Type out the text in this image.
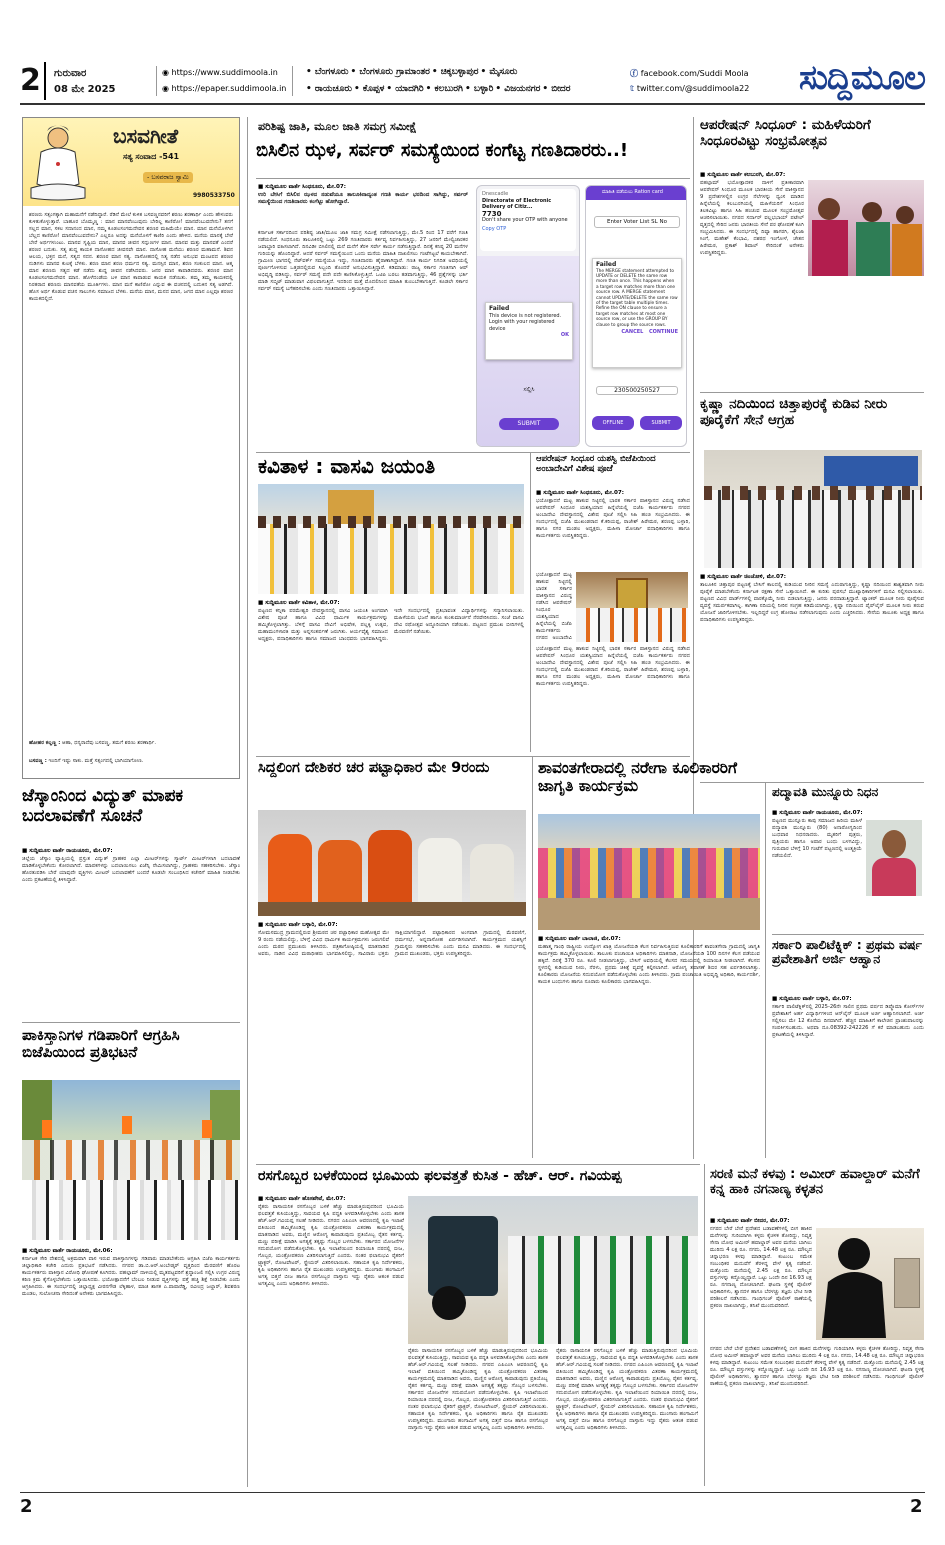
2	ಗುರುವಾರ
08 ಮೇ 2025
◉ https://www.suddimoola.in
◉ https://epaper.suddimoola.in
• ಬೆಂಗಳೂರು • ಬೆಂಗಳೂರು ಗ್ರಾಮಾಂತರ • ಚಿಕ್ಕಬಳ್ಳಾಪುರ • ಮೈಸೂರು
• ರಾಯಚೂರು • ಕೊಪ್ಪಳ • ಯಾದಗಿರಿ • ಕಲಬುರಗಿ • ಬಳ್ಳಾರಿ • ವಿಜಯನಗರ • ಬೀದರ
ⓕ facebook.com/Suddi Moola
𝕥 twitter.com/@suddimoola22	ಸುದ್ದಿಮೂಲ
ಬಸವಗೀತೆ
ಸತ್ಯ ಸಂವಾದ -541
- ಬಸವರಾಜ ಸ್ವಾಮಿ
9980533750
ಶರಣರು ಸತ್ಸಂಗಕ್ಕಾಗಿ ಮಹಾಮನೆಗೆ ನಡೆದಿದ್ದಾರೆ. ರೆಡಿನೆ ಮೇಲೆ ಕುಳಿತ ಬಸವಣ್ಣನವರಿಗೆ ಶರಣು ಶರಣಾರ್ಥಿ ಎಂದು ಹೇಳುವರು ಕುಳಿತುಕೊಳ್ಳುತ್ತಾರೆ. ಬಾಹೂರ ಬೊಮ್ಮಣ್ಣ : ಮಾನ ಮಾನವೆಂಬುವುದು ಬೇರಿಲ್ಲ ಕಾಣಿರೋ! ಮಾನವೆಂಬುವದೇನು? ತನಗೆ ಸಲ್ಲದ ಮಾನ, ಸಕಲ ಸದಾನಂದ ಮಾನ, ನಮ್ಮ ಕೂಡಲಸಂಗಮದೇವನ ಶರಣರ ಮಹಿಮೆಯೇ ಮಾನ. ಮಾನ ಮನೆಯೊಳಗಿನ ಬೆಲ್ಲದ ಕಾಣಿರೋ! ಮಾನವೆಂಬುವದೇನು? ಎಲ್ಲರೂ ಅದನ್ನು ಮನೆಯೊಳಗೆ ಕಾಣಿರಿ ಎಂದು ಹೇಳಿದ. ಮನೆಯ ಮಾನಕ್ಕೆ ಬೇರೆ ಬೇರೆ ಅರ್ಥಗಳುಂಟು. ಮಾನವ ಸೃಷ್ಟಿಯ ಮಾನ, ಮಾನವ ಜೀವನ ಸದ್ಗುಣಗಳ ಮಾನ. ಮಾನವ ಮತ್ತು ಮಾನವತೆ ಎಂದರೆ ಶರಣರ ಬದುಕು. ಸತ್ಯ ಶುದ್ಧ ಕಾಯಕ ದಾಸೋಹದ ಜೀವನವೇ ಮಾನ. ದಾಸೋಹ ಮನೆಯು ಶರಣರ ಮಹಾಮನೆ. ಶಿವನ ಆಲಯ, ಭಕ್ತನ ಮನೆ, ಸತ್ಯದ ಸದನ. ಶರಣರ ಮಾನ ಸತ್ಯ. ದಾಸೋಹದಲ್ಲಿ ನಿತ್ಯ ನಡೆದ ಅನುಭವ ಮಂಟಪದ ಶರಣರ ನುಡಿಗಳು ಮಾನವ ಕುಲಕ್ಕೆ ಬೆಳಕು. ಶರಣ ಮಾನ ಶರಣ ಧರ್ಮದ ಸತ್ವ. ಮನಸ್ಸಿನ ಮಾನ, ಶರಣ ಸಂಕುಲದ ಮಾನ. ಆತ್ಮ ಮಾನ ಶರಣರು ಸತ್ಯದ ಕಡೆ ನಡೆದು ಶುದ್ಧ ಜೀವನ ನಡೆಸಿದವರು. ಜನರ ಮಾನ ಕಾಪಾಡಿದವರು. ಶರಣರ ಮಾನ ಕೂಡಲಸಂಗಮದೇವನ ಮಾನ. ಹೊಳೆದಂಡೆಯ ಬಳಿ ಮಾನ ಕಾಪಾಡುವ ಕಾಯಕ ನಡೆಯಿತು. ತಮ್ಮ ತಮ್ಮ ಕಾಯಕದಲ್ಲಿ ನಿರತರಾದ ಶರಣರು ಮಾನವತೆಯ ಮೂರ್ತಿಗಳು. ಮಾನ ಮನೆ ಕಾಣಿರೋ ಎನ್ನುವ ಈ ವಚನದಲ್ಲಿ ಬದುಕಿನ ಸತ್ಯ ಅಡಗಿದೆ. ಹೊಸ ಅರ್ಥ ಕೊಡುವ ವಚನ ಸಾಲುಗಳು ಸಮಾಜದ ಬೆಳಕು. ಮನೆಯ ಮಾನ, ಮನದ ಮಾನ, ಜಗದ ಮಾನ ಎಲ್ಲವೂ ಶರಣರ ಕಾಯಕದಲ್ಲಿದೆ.
ಹೋಹರ ಕಲ್ಲಣ್ಣ : ಆಹಾ, ಧನ್ಯರಾದೆವು ಬಸವಣ್ಣ, ತಮಗೆ ಶರಣು ಶರಣಾರ್ಥಿ.
ಬಸವಣ್ಣ : ಇಂದಿಗೆ ಇಷ್ಟು ಸಾಕು. ಮತ್ತೆ ಸತ್ಸಂಗದಲ್ಲಿ ಭಾಗಿಯಾಗೋಣ.
ಜೆಸ್ಕಾಂನಿಂದ ವಿದ್ಯುತ್ ಮಾಪಕ ಬದಲಾವಣೆಗೆ ಸೂಚನೆ
■ ಸುದ್ದಿಮೂಲ ವಾರ್ತೆ ರಾಯಚೂರು, ಮೇ.07:
ಜಿಲ್ಲೆಯ ಜೆಸ್ಕಾಂ ವ್ಯಾಪ್ತಿಯಲ್ಲಿ ಪ್ರಸ್ತುತ ವಿದ್ಯುತ್ ಗ್ರಾಹಕರ ಎಲ್ಲಾ ಮೀಟರ್‌ಗಳನ್ನು ಸ್ಮಾರ್ಟ್ ಮೀಟರ್‌ಗಳಾಗಿ ಬದಲಾವಣೆ ಮಾಡಿಕೊಳ್ಳಬೇಕೆಂದು ಕೋರಲಾಗಿದೆ. ಮಾಪಕಗಳನ್ನು ಬದಲಾಯಿಸಲು ಏಜೆನ್ಸಿ ನೇಮಿಸಲಾಗಿದ್ದು, ಗ್ರಾಹಕರು ಸಹಕರಿಸಬೇಕು. ಜೆಸ್ಕಾಂ ಹೊರತುಪಡಿಸಿ ಬೇರೆ ಯಾವುದೇ ವ್ಯಕ್ತಿಗಳು ಮೀಟರ್ ಬದಲಾವಣೆಗೆ ಬಂದರೆ ಕೂಡಲೇ ಸಂಬಂಧಿಸಿದ ಕಚೇರಿಗೆ ಮಾಹಿತಿ ನೀಡಬೇಕು ಎಂದು ಪ್ರಕಟಣೆಯಲ್ಲಿ ತಿಳಿಸಿದ್ದಾರೆ.
ಪಾಕಿಸ್ತಾನಿಗಳ ಗಡಿಪಾರಿಗೆ ಆಗ್ರಹಿಸಿ ಬಿಜೆಪಿಯಿಂದ ಪ್ರತಿಭಟನೆ
■ ಸುದ್ದಿಮೂಲ ವಾರ್ತೆ ರಾಯಚೂರು, ಮೇ.06:
ಕರ್ನಾಟಕ ಸೇರಿ ದೇಶದಲ್ಲಿ ಅಕ್ರಮವಾಗಿ ವಾಸ ಇರುವ ಪಾಕಿಸ್ತಾನಿಗಳನ್ನು ಗಡಿಪಾರು ಮಾಡಬೇಕೆಂದು ಆಗ್ರಹಿಸಿ ಬಿಜೆಪಿ ಕಾರ್ಯಕರ್ತರು ಜಿಲ್ಲಾಧಿಕಾರಿ ಕಚೇರಿ ಎದುರು ಪ್ರತಿಭಟನೆ ನಡೆಸಿದರು. ನಗರದ ಡಾ.ಬಿ.ಆರ್.ಅಂಬೇಡ್ಕರ್ ವೃತ್ತದಿಂದ ಮೆರವಣಿಗೆ ಹೊರಟ ಕಾರ್ಯಕರ್ತರು ಪಾಕಿಸ್ತಾನ ವಿರೋಧಿ ಘೋಷಣೆ ಕೂಗಿದರು. ಪಹಲ್ಗಾಮ್ ದಾಳಿಯಲ್ಲಿ ಮೃತಪಟ್ಟವರಿಗೆ ಶ್ರದ್ಧಾಂಜಲಿ ಸಲ್ಲಿಸಿ ಉಗ್ರರ ವಿರುದ್ಧ ಕಠಿಣ ಕ್ರಮ ಕೈಗೊಳ್ಳಬೇಕೆಂದು ಒತ್ತಾಯಿಸಿದರು. ಭಯೋತ್ಪಾದನೆಗೆ ಬೆಂಬಲ ನೀಡುವ ವ್ಯಕ್ತಿಗಳನ್ನು ಪತ್ತೆ ಹಚ್ಚಿ ಶಿಕ್ಷೆ ನೀಡಬೇಕು ಎಂದು ಆಗ್ರಹಿಸಿದರು. ಈ ಸಂದರ್ಭದಲ್ಲಿ ಜಿಲ್ಲಾಧ್ಯಕ್ಷ ವೀರನಗೌಡ ಲೆಕ್ಕಿಹಾಳ, ಮಾಜಿ ಶಾಸಕ ಎ.ಪಾಪಾರೆಡ್ಡಿ, ರವೀಂದ್ರ ಜಲ್ದಾರ್, ಶಿವಶರಣ ಮಂಡಲ, ಸುಲೋಚನಾ ಸೇರಿದಂತೆ ಅನೇಕರು ಭಾಗವಹಿಸಿದ್ದರು.
ಪರಿಶಿಷ್ಟ ಜಾತಿ, ಮೂಲ ಜಾತಿ ಸಮಗ್ರ ಸಮೀಕ್ಷೆ
ಬಿಸಿಲಿನ ಝಳ, ಸರ್ವರ್ ಸಮಸ್ಯೆಯಿಂದ ಕಂಗೆಟ್ಟ ಗಣತಿದಾರರು..!
■ ಸುದ್ದಿಮೂಲ ವಾರ್ತೆ ಸಿಂಧನೂರು, ಮೇ.07:
ಉರಿ ಬೇಸಿಗೆ ಬಿಸಿಲಿನ ಝಳದ ನಡುವೆಯೂ ತಾಲೂಕಿನಾದ್ಯಂತ ಗಣತಿ ಕಾರ್ಯ ಭರದಿಂದ ಸಾಗಿದ್ದು, ಸರ್ವರ್ ಸಮಸ್ಯೆಯಿಂದ ಗಣತಿದಾರರು ಕಂಗೆಟ್ಟು ಹೋಗಿದ್ದಾರೆ.
ಕರ್ನಾಟಕ ಸರ್ಕಾರದಿಂದ ಪರಿಶಿಷ್ಟ ಜಾತಿ/ಮೂಲ ಜಾತಿ ಸಮಗ್ರ ಸಮೀಕ್ಷೆ ನಡೆಸಲಾಗುತ್ತಿದ್ದು, ಮೇ.5 ರಿಂದ 17 ವರೆಗೆ ಗಣತಿ ನಡೆಯಲಿದೆ. ಸಿಂಧನೂರು ತಾಲೂಕಿನಲ್ಲಿ ಒಟ್ಟು 269 ಗಣತಿದಾರರು ಕರ್ತವ್ಯ ನಿರ್ವಹಿಸುತ್ತಿದ್ದು, 27 ಜನರಿಗೆ ಮೇಲ್ವಿಚಾರಕರ ಜವಾಬ್ದಾರಿ ವಹಿಸಲಾಗಿದೆ. ದಿನವಿಡೀ ಬಿಸಿಲಿನಲ್ಲಿ ಮನೆ ಮನೆಗೆ ತೆರಳಿ ಸರ್ವೇ ಕಾರ್ಯ ನಡೆಸುತ್ತಿದ್ದಾರೆ. ದಿನಕ್ಕೆ ಕನಿಷ್ಠ 20 ಮನೆಗಳ ಗುರಿಯನ್ನು ಹೊಂದಿದ್ದಾರೆ. ಆದರೆ ಸರ್ವರ್ ಸಮಸ್ಯೆಯಿಂದ ಒಂದು ಮನೆಯ ಮಾಹಿತಿ ದಾಖಲಿಸಲು ಗಂಟೆಗಟ್ಟಲೆ ಕಾಯಬೇಕಾಗಿದೆ. ಗ್ರಾಮೀಣ ಭಾಗದಲ್ಲಿ ನೆಟ್‌ವರ್ಕ್ ಸಮಸ್ಯೆಯೂ ಇದ್ದು, ಗಣತಿದಾರರು ಹೈರಾಣಾಗಿದ್ದಾರೆ. ಗಣತಿ ಕಾರ್ಯ ನಿಗದಿತ ಅವಧಿಯಲ್ಲಿ ಪೂರ್ಣಗೊಳಿಸುವ ಒತ್ತಡದಲ್ಲಿರುವ ಸಿಬ್ಬಂದಿ ತೊಂದರೆ ಅನುಭವಿಸುತ್ತಿದ್ದಾರೆ. ಕಡಿಮಾಡು: ರಾಜ್ಯ ಸರ್ಕಾರ ಗಣತಿಗಾಗಿ ಆಪ್ ಅಭಿವೃದ್ಧಿ ಪಡಿಸಿದ್ದು, ಸರ್ವರ್ ಸಮಸ್ಯೆ ಪದೇ ಪದೇ ಕಾಣಿಸಿಕೊಳ್ಳುತ್ತಿದೆ. ಒಟಿಪಿ ಬರಲು ತಡವಾಗುತ್ತಿದ್ದು, 46 ಪ್ರಶ್ನೆಗಳನ್ನು ಭರ್ತಿ ಮಾಡಿ ಸಬ್ಮಿಟ್ ಮಾಡುವಾಗ ವಿಫಲವಾಗುತ್ತಿದೆ. ಇದರಿಂದ ಮತ್ತೆ ಮೊದಲಿನಿಂದ ಮಾಹಿತಿ ತುಂಬಬೇಕಾಗುತ್ತಿದೆ. ಕೂಡಲೇ ಸರ್ಕಾರ ಸರ್ವರ್ ಸಮಸ್ಯೆ ಬಗೆಹರಿಸಬೇಕು ಎಂದು ಗಣತಿದಾರರು ಒತ್ತಾಯಿಸಿದ್ದಾರೆ.
Dnescadle
Directorate of Electronic Delivery of Citiz...
7730
Don't share your OTP with anyone
Copy OTP
Failed
This device is not registered. Login with your registered device
OK
ಸಲ್ಲಿಸಿ
SUBMIT
ಮಾಹಿತಿ ಪಡೆಯಲು Ration card
Enter Voter List SL No
Failed
The MERGE statement attempted to UPDATE or DELETE the same row more than once. This happens when a target row matches more than one source row. A MERGE statement cannot UPDATE/DELETE the same row of the target table multiple times. Refine the ON clause to ensure a target row matches at most one source row, or use the GROUP BY clause to group the source rows.
CANCEL CONTINUE
230500250527
OFFLINE	SUBMIT
ಆಪರೇಷನ್ ಸಿಂಧೂರ್ : ಮಹಿಳೆಯರಿಗೆ ಸಿಂಧೂರವಿಟ್ಟು ಸಂಭ್ರಮೋತ್ಸವ
■ ಸುದ್ದಿಮೂಲ ವಾರ್ತೆ ಕಲಬುರಗಿ, ಮೇ.07:
ಪಹಲ್ಗಾಮ್ ಭಯೋತ್ಪಾದಕರ ದಾಳಿಗೆ ಪ್ರತೀಕಾರವಾಗಿ ಆಪರೇಷನ್ ಸಿಂಧೂರ ಮೂಲಕ ಭಾರತೀಯ ಸೇನೆ ಪಾಕಿಸ್ತಾನದ 9 ಪ್ರದೇಶಗಳಲ್ಲಿನ ಉಗ್ರರ ನೆಲೆಗಳನ್ನು ಧ್ವಂಸ ಮಾಡಿದ ಹಿನ್ನೆಲೆಯಲ್ಲಿ ಕಲಬುರಗಿಯಲ್ಲಿ ಮಹಿಳೆಯರಿಗೆ ಸಿಂಧೂರ ತಿಲಕವಿಟ್ಟು ಹಾಗೂ ಸಿಹಿ ಹಂಚುವ ಮೂಲಕ ಸಂಭ್ರಮೋತ್ಸವ ಆಚರಿಸಲಾಯಿತು. ನಗರದ ಸರ್ದಾರ್ ವಲ್ಲಭಭಾಯ್ ಪಟೇಲ್ ವೃತ್ತದಲ್ಲಿ ಸೇರಿದ ಜನರು ಭಾರತೀಯ ಸೇನೆ ಪರ ಘೋಷಣೆ ಕೂಗಿ ಸಂಭ್ರಮಿಸಿದರು. ಈ ಸಂದರ್ಭದಲ್ಲಿ ದಿವ್ಯಾ ಹಾಗರಗಿ, ಶೈಲಜಾ ಸಿಂಗೆ, ಮಹೇಶ್ ಕೆಂಭಾವಿ, ದಶರಥ ಇಂಗೋಳೆ, ಚೇತನ ಹಿರೇಮಠ, ಪ್ರಕಾಶ್ ಶಿವಾಲ್ ಸೇರಿದಂತೆ ಅನೇಕರು ಉಪಸ್ಥಿತರಿದ್ದರು.
ಕೃಷ್ಣಾ ನದಿಯಿಂದ ಚಿತ್ತಾಪುರಕ್ಕೆ ಕುಡಿವ ನೀರು ಪೂರೈಕೆಗೆ ಸೇನೆ ಆಗ್ರಹ
■ ಸುದ್ದಿಮೂಲ ವಾರ್ತೆ ಚಿಂಚೋಳಿ, ಮೇ.07:
ತಾಲೂಕಿನ ಚಿತ್ತಾಪುರ ಪಟ್ಟಣಕ್ಕೆ ಬೇಸಿಗೆ ಕಾಲದಲ್ಲಿ ಕುಡಿಯುವ ನೀರಿನ ಸಮಸ್ಯೆ ಎದುರಾಗುತ್ತಿದ್ದು, ಕೃಷ್ಣಾ ನದಿಯಿಂದ ಶಾಶ್ವತವಾಗಿ ನೀರು ಪೂರೈಕೆ ಮಾಡಬೇಕೆಂದು ಕರ್ನಾಟಕ ರಕ್ಷಣಾ ಸೇನೆ ಒತ್ತಾಯಿಸಿದೆ. ಈ ಕುರಿತು ಪುರಸಭೆ ಮುಖ್ಯಾಧಿಕಾರಿಗಳಿಗೆ ಮನವಿ ಸಲ್ಲಿಸಲಾಯಿತು. ಪಟ್ಟಣದ ವಿವಿಧ ವಾರ್ಡ್‌ಗಳಲ್ಲಿ ವಾರಕ್ಕೊಮ್ಮೆ ನೀರು ಬಿಡಲಾಗುತ್ತಿದ್ದು, ಜನರು ಪರದಾಡುತ್ತಿದ್ದಾರೆ. ಟ್ಯಾಂಕರ್ ಮೂಲಕ ನೀರು ಪೂರೈಸುವ ವ್ಯವಸ್ಥೆ ಸಮರ್ಪಕವಾಗಿಲ್ಲ. ಕಾಗಿಣಾ ನದಿಯಲ್ಲಿ ನೀರಿನ ಸಂಗ್ರಹ ಕಡಿಮೆಯಾಗಿದ್ದು, ಕೃಷ್ಣಾ ನದಿಯಿಂದ ಪೈಪ್‌ಲೈನ್ ಮೂಲಕ ನೀರು ತರುವ ಯೋಜನೆ ಜಾರಿಗೊಳಿಸಬೇಕು. ಇಲ್ಲದಿದ್ದರೆ ಉಗ್ರ ಹೋರಾಟ ನಡೆಸಲಾಗುವುದು ಎಂದು ಎಚ್ಚರಿಸಿದರು. ಸೇನೆಯ ತಾಲೂಕು ಅಧ್ಯಕ್ಷ ಹಾಗೂ ಪದಾಧಿಕಾರಿಗಳು ಉಪಸ್ಥಿತರಿದ್ದರು.
ಕವಿತಾಳ : ವಾಸವಿ ಜಯಂತಿ
■ ಸುದ್ದಿಮೂಲ ವಾರ್ತೆ ಕವಿತಾಳ, ಮೇ.07:
ಪಟ್ಟಣದ ಕನ್ನಿಕಾ ಪರಮೇಶ್ವರಿ ದೇವಸ್ಥಾನದಲ್ಲಿ ವಾಸವಿ ಜಯಂತಿ ಅಂಗವಾಗಿ ವಿಶೇಷ ಪೂಜೆ ಹಾಗೂ ವಿವಿಧ ಧಾರ್ಮಿಕ ಕಾರ್ಯಕ್ರಮಗಳನ್ನು ಹಮ್ಮಿಕೊಳ್ಳಲಾಗಿತ್ತು. ಬೆಳಿಗ್ಗೆ ವಾಸವಿ ದೇವಿಗೆ ಅಭಿಷೇಕ, ಪಲ್ಲಕ್ಕಿ ಉತ್ಸವ, ಮಹಾಮಂಗಳಾರತಿ ಮತ್ತು ಅನ್ನಸಂತರ್ಪಣೆ ಜರುಗಿತು. ಆರ್ಯವೈಶ್ಯ ಸಮಾಜದ ಅಧ್ಯಕ್ಷರು, ಪದಾಧಿಕಾರಿಗಳು ಹಾಗೂ ಸಮಾಜದ ಬಾಂಧವರು ಭಾಗವಹಿಸಿದ್ದರು. ಇದೇ ಸಂದರ್ಭದಲ್ಲಿ ಪ್ರತಿಭಾವಂತ ವಿದ್ಯಾರ್ಥಿಗಳನ್ನು ಸನ್ಮಾನಿಸಲಾಯಿತು. ಮಹಿಳೆಯರು ಭಜನೆ ಹಾಗೂ ಕುಂಕುಮಾರ್ಚನೆ ನೆರವೇರಿಸಿದರು. ಸಂಜೆ ವಾಸವಿ ದೇವಿ ರಥೋತ್ಸವ ಅದ್ದೂರಿಯಾಗಿ ನಡೆಯಿತು. ಪಟ್ಟಣದ ಪ್ರಮುಖ ಬೀದಿಗಳಲ್ಲಿ ಮೆರವಣಿಗೆ ನಡೆಯಿತು.
ಆಪರೇಷನ್ ಸಿಂಧೂರ ಯಶಸ್ವಿ ಬಿಜೆಪಿಯಿಂದ ಅಂಬಾದೇವಿಗೆ ವಿಶೇಷ ಪೂಜೆ
■ ಸುದ್ದಿಮೂಲ ವಾರ್ತೆ ಸಿಂಧನೂರು, ಮೇ.07:
ಭಯೋತ್ಪಾದನೆ ಮಟ್ಟ ಹಾಕುವ ನಿಟ್ಟಿನಲ್ಲಿ ಭಾರತ ಸರ್ಕಾರ ಪಾಕಿಸ್ತಾನದ ವಿರುದ್ಧ ನಡೆಸಿದ ಆಪರೇಷನ್ ಸಿಂಧೂರ ಯಶಸ್ವಿಯಾದ ಹಿನ್ನೆಲೆಯಲ್ಲಿ ಬಿಜೆಪಿ ಕಾರ್ಯಕರ್ತರು ನಗರದ ಅಂಬಾದೇವಿ ದೇವಸ್ಥಾನದಲ್ಲಿ ವಿಶೇಷ ಪೂಜೆ ಸಲ್ಲಿಸಿ ಸಿಹಿ ಹಂಚಿ ಸಂಭ್ರಮಿಸಿದರು. ಈ ಸಂದರ್ಭದಲ್ಲಿ ಬಿಜೆಪಿ ಮುಖಂಡರಾದ ಕೆ.ಕರಿಯಪ್ಪ, ರಾಜೇಶ್ ಹಿರೇಮಠ, ಶರಣಪ್ಪ ಬಳ್ಳಾರಿ, ಹಾಗೂ ನಗರ ಮಂಡಲ ಅಧ್ಯಕ್ಷರು, ಮಹಿಳಾ ಮೋರ್ಚಾ ಪದಾಧಿಕಾರಿಗಳು ಹಾಗೂ ಕಾರ್ಯಕರ್ತರು ಉಪಸ್ಥಿತರಿದ್ದರು.
ಭಯೋತ್ಪಾದನೆ ಮಟ್ಟ ಹಾಕುವ ನಿಟ್ಟಿನಲ್ಲಿ ಭಾರತ ಸರ್ಕಾರ ಪಾಕಿಸ್ತಾನದ ವಿರುದ್ಧ ನಡೆಸಿದ ಆಪರೇಷನ್ ಸಿಂಧೂರ ಯಶಸ್ವಿಯಾದ ಹಿನ್ನೆಲೆಯಲ್ಲಿ ಬಿಜೆಪಿ ಕಾರ್ಯಕರ್ತರು ನಗರದ ಅಂಬಾದೇವಿ
ಭಯೋತ್ಪಾದನೆ ಮಟ್ಟ ಹಾಕುವ ನಿಟ್ಟಿನಲ್ಲಿ ಭಾರತ ಸರ್ಕಾರ ಪಾಕಿಸ್ತಾನದ ವಿರುದ್ಧ ನಡೆಸಿದ ಆಪರೇಷನ್ ಸಿಂಧೂರ ಯಶಸ್ವಿಯಾದ ಹಿನ್ನೆಲೆಯಲ್ಲಿ ಬಿಜೆಪಿ ಕಾರ್ಯಕರ್ತರು ನಗರದ ಅಂಬಾದೇವಿ ದೇವಸ್ಥಾನದಲ್ಲಿ ವಿಶೇಷ ಪೂಜೆ ಸಲ್ಲಿಸಿ ಸಿಹಿ ಹಂಚಿ ಸಂಭ್ರಮಿಸಿದರು. ಈ ಸಂದರ್ಭದಲ್ಲಿ ಬಿಜೆಪಿ ಮುಖಂಡರಾದ ಕೆ.ಕರಿಯಪ್ಪ, ರಾಜೇಶ್ ಹಿರೇಮಠ, ಶರಣಪ್ಪ ಬಳ್ಳಾರಿ, ಹಾಗೂ ನಗರ ಮಂಡಲ ಅಧ್ಯಕ್ಷರು, ಮಹಿಳಾ ಮೋರ್ಚಾ ಪದಾಧಿಕಾರಿಗಳು ಹಾಗೂ ಕಾರ್ಯಕರ್ತರು ಉಪಸ್ಥಿತರಿದ್ದರು.
ಸಿದ್ದಲಿಂಗ ದೇಶಿಕರ ಚರ ಪಟ್ಟಾಧಿಕಾರ ಮೇ 9ರಂದು
■ ಸುದ್ದಿಮೂಲ ವಾರ್ತೆ ಬಳ್ಳಾರಿ, ಮೇ.07:
ಸೋಮಸಮುದ್ರ ಗ್ರಾಮದಲ್ಲಿರುವ ಶ್ರೀಮಠದ ಚರ ಪಟ್ಟಾಧಿಕಾರ ಮಹೋತ್ಸವ ಮೇ 9 ರಂದು ನಡೆಯಲಿದ್ದು, ಬೆಳಿಗ್ಗೆ ವಿವಿಧ ಧಾರ್ಮಿಕ ಕಾರ್ಯಕ್ರಮಗಳು ಜರುಗಲಿವೆ ಎಂದು ಮಠದ ಪ್ರಮುಖರು ತಿಳಿಸಿದರು. ಪತ್ರಿಕಾಗೋಷ್ಠಿಯಲ್ಲಿ ಮಾತನಾಡಿದ ಅವರು, ನಾಡಿನ ವಿವಿಧ ಮಠಾಧೀಶರು ಭಾಗವಹಿಸಲಿದ್ದು, ಸಾವಿರಾರು ಭಕ್ತರು ಸಾಕ್ಷಿಯಾಗಲಿದ್ದಾರೆ. ಪಟ್ಟಾಧಿಕಾರದ ಅಂಗವಾಗಿ ಗ್ರಾಮದಲ್ಲಿ ಮೆರವಣಿಗೆ, ಧರ್ಮಸಭೆ, ಅನ್ನದಾಸೋಹ ಏರ್ಪಡಿಸಲಾಗಿದೆ. ಕಾರ್ಯಕ್ರಮದ ಯಶಸ್ಸಿಗೆ ಗ್ರಾಮಸ್ಥರು ಸಹಕರಿಸಬೇಕು ಎಂದು ಮನವಿ ಮಾಡಿದರು. ಈ ಸಂದರ್ಭದಲ್ಲಿ ಗ್ರಾಮದ ಮುಖಂಡರು, ಭಕ್ತರು ಉಪಸ್ಥಿತರಿದ್ದರು.
ಶಾವಂತಗೇರಾದಲ್ಲಿ ನರೇಗಾ ಕೂಲಿಕಾರರಿಗೆ ಜಾಗೃತಿ ಕಾರ್ಯಕ್ರಮ
■ ಸುದ್ದಿಮೂಲ ವಾರ್ತೆ ಬಾಲಾಜಿ, ಮೇ.07:
ಮಹಾತ್ಮ ಗಾಂಧಿ ರಾಷ್ಟ್ರೀಯ ಉದ್ಯೋಗ ಖಾತ್ರಿ ಯೋಜನೆಯಡಿ ಕೆಲಸ ನಿರ್ವಹಿಸುತ್ತಿರುವ ಕೂಲಿಕಾರರಿಗೆ ಶಾವಂತಗೇರಾ ಗ್ರಾಮದಲ್ಲಿ ಜಾಗೃತಿ ಕಾರ್ಯಕ್ರಮ ಹಮ್ಮಿಕೊಳ್ಳಲಾಯಿತು. ತಾಲೂಕು ಪಂಚಾಯಿತಿ ಅಧಿಕಾರಿಗಳು ಮಾತನಾಡಿ, ಯೋಜನೆಯಡಿ 100 ದಿನಗಳ ಕೆಲಸ ಪಡೆಯುವ ಹಕ್ಕಿದೆ. ದಿನಕ್ಕೆ 370 ರೂ. ಕೂಲಿ ನೀಡಲಾಗುತ್ತಿದ್ದು, ಬೇಸಿಗೆ ಅವಧಿಯಲ್ಲಿ ಕೆಲಸದ ಸಮಯದಲ್ಲಿ ರಿಯಾಯಿತಿ ನೀಡಲಾಗಿದೆ. ಕೆಲಸದ ಸ್ಥಳದಲ್ಲಿ ಕುಡಿಯುವ ನೀರು, ನೆರಳು, ಪ್ರಥಮ ಚಿಕಿತ್ಸೆ ವ್ಯವಸ್ಥೆ ಕಲ್ಪಿಸಲಾಗಿದೆ. ಆರೋಗ್ಯ ತಪಾಸಣೆ ಶಿಬಿರ ಸಹ ಏರ್ಪಡಿಸಲಾಗಿತ್ತು. ಕೂಲಿಕಾರರು ಯೋಜನೆಯ ಸದುಪಯೋಗ ಪಡೆದುಕೊಳ್ಳಬೇಕು ಎಂದು ತಿಳಿಸಿದರು. ಗ್ರಾಮ ಪಂಚಾಯಿತಿ ಅಭಿವೃದ್ಧಿ ಅಧಿಕಾರಿ, ಕಾರ್ಯದರ್ಶಿ, ಕಾಯಕ ಬಂಧುಗಳು ಹಾಗೂ ನೂರಾರು ಕೂಲಿಕಾರರು ಭಾಗವಹಿಸಿದ್ದರು.
ಪದ್ಮಾವತಿ ಮುನ್ನೂರು ನಿಧನ
■ ಸುದ್ದಿಮೂಲ ವಾರ್ತೆ ರಾಯಚೂರು, ಮೇ.07:
ಪಟ್ಟಣದ ಮುನ್ನೂರು ಕಾಪು ಸಮಾಜದ ಹಿರಿಯ ಮಹಿಳೆ ಪದ್ಮಾವತಿ ಮುನ್ನೂರು (80) ಅನಾರೋಗ್ಯದಿಂದ ಬುಧವಾರ ನಿಧನರಾದರು. ಮೃತರಿಗೆ ಪುತ್ರರು, ಪುತ್ರಿಯರು ಹಾಗೂ ಅಪಾರ ಬಂಧು ಬಳಗವಿದ್ದು, ಗುರುವಾರ ಬೆಳಿಗ್ಗೆ 10 ಗಂಟೆಗೆ ಪಟ್ಟಣದಲ್ಲಿ ಅಂತ್ಯಕ್ರಿಯೆ ನಡೆಯಲಿದೆ.
ಸರ್ಕಾರಿ ಪಾಲಿಟೆಕ್ನಿಕ್ : ಪ್ರಥಮ ವರ್ಷ ಪ್ರವೇಶಾತಿಗೆ ಅರ್ಜಿ ಆಹ್ವಾನ
■ ಸುದ್ದಿಮೂಲ ವಾರ್ತೆ ಬಳ್ಳಾರಿ, ಮೇ.07:
ಸರ್ಕಾರಿ ಪಾಲಿಟೆಕ್ನಿಕ್‌ನಲ್ಲಿ 2025-26ನೇ ಸಾಲಿನ ಪ್ರಥಮ ವರ್ಷದ ಡಿಪ್ಲೊಮಾ ಕೋರ್ಸ್‌ಗಳ ಪ್ರವೇಶಾತಿಗೆ ಅರ್ಹ ವಿದ್ಯಾರ್ಥಿಗಳಿಂದ ಆನ್‌ಲೈನ್ ಮೂಲಕ ಅರ್ಜಿ ಆಹ್ವಾನಿಸಲಾಗಿದೆ. ಅರ್ಜಿ ಸಲ್ಲಿಸಲು ಮೇ 12 ಕೊನೆಯ ದಿನವಾಗಿದೆ. ಹೆಚ್ಚಿನ ಮಾಹಿತಿಗೆ ಕಾಲೇಜಿನ ಪ್ರಾಂಶುಪಾಲರನ್ನು ಸಂಪರ್ಕಿಸಬಹುದು. ಅಥವಾ ದೂ.08392-242226 ಗೆ ಕರೆ ಮಾಡಬಹುದು ಎಂದು ಪ್ರಕಟಣೆಯಲ್ಲಿ ತಿಳಿಸಿದ್ದಾರೆ.
ರಸಗೊಬ್ಬರ ಬಳಕೆಯಿಂದ ಭೂಮಿಯ ಫಲವತ್ತತೆ ಕುಸಿತ - ಹೆಚ್. ಆರ್. ಗವಿಯಪ್ಪ
■ ಸುದ್ದಿಮೂಲ ವಾರ್ತೆ ಹೊಸಪೇಟೆ, ಮೇ.07:
ರೈತರು ರಾಸಾಯನಿಕ ರಸಗೊಬ್ಬರ ಬಳಕೆ ಹೆಚ್ಚು ಮಾಡುತ್ತಿರುವುದರಿಂದ ಭೂಮಿಯ ಫಲವತ್ತತೆ ಕುಸಿಯುತ್ತಿದ್ದು, ಸಾವಯವ ಕೃಷಿ ಪದ್ಧತಿ ಅಳವಡಿಸಿಕೊಳ್ಳಬೇಕು ಎಂದು ಶಾಸಕ ಹೆಚ್.ಆರ್.ಗವಿಯಪ್ಪ ಸಲಹೆ ನೀಡಿದರು. ನಗರದ ಎಪಿಎಂಸಿ ಆವರಣದಲ್ಲಿ ಕೃಷಿ ಇಲಾಖೆ ವತಿಯಿಂದ ಹಮ್ಮಿಕೊಂಡಿದ್ದ ಕೃಷಿ ಯಂತ್ರೋಪಕರಣ ವಿತರಣಾ ಕಾರ್ಯಕ್ರಮದಲ್ಲಿ ಮಾತನಾಡಿದ ಅವರು, ಮಣ್ಣಿನ ಆರೋಗ್ಯ ಕಾಪಾಡುವುದು ಪ್ರತಿಯೊಬ್ಬ ರೈತನ ಕರ್ತವ್ಯ. ಮಣ್ಣು ಪರೀಕ್ಷೆ ಮಾಡಿಸಿ ಅಗತ್ಯಕ್ಕೆ ತಕ್ಕಷ್ಟು ಗೊಬ್ಬರ ಬಳಸಬೇಕು. ಸರ್ಕಾರದ ಯೋಜನೆಗಳ ಸದುಪಯೋಗ ಪಡೆದುಕೊಳ್ಳಬೇಕು. ಕೃಷಿ ಇಲಾಖೆಯಿಂದ ರಿಯಾಯಿತಿ ದರದಲ್ಲಿ ಬೀಜ, ಗೊಬ್ಬರ, ಯಂತ್ರೋಪಕರಣ ವಿತರಿಸಲಾಗುತ್ತಿದೆ ಎಂದರು. ನಂತರ ಫಲಾನುಭವಿ ರೈತರಿಗೆ ಟ್ರ್ಯಾಕ್ಟರ್, ರೋಟವೇಟರ್, ಸ್ಪ್ರೇಯರ್ ವಿತರಿಸಲಾಯಿತು. ಸಹಾಯಕ ಕೃಷಿ ನಿರ್ದೇಶಕರು, ಕೃಷಿ ಅಧಿಕಾರಿಗಳು ಹಾಗೂ ರೈತ ಮುಖಂಡರು ಉಪಸ್ಥಿತರಿದ್ದರು. ಮುಂಗಾರು ಹಂಗಾಮಿಗೆ ಅಗತ್ಯ ಬಿತ್ತನೆ ಬೀಜ ಹಾಗೂ ರಸಗೊಬ್ಬರ ದಾಸ್ತಾನು ಇದ್ದು ರೈತರು ಆತಂಕ ಪಡುವ ಅಗತ್ಯವಿಲ್ಲ ಎಂದು ಅಧಿಕಾರಿಗಳು ತಿಳಿಸಿದರು.
ರೈತರು ರಾಸಾಯನಿಕ ರಸಗೊಬ್ಬರ ಬಳಕೆ ಹೆಚ್ಚು ಮಾಡುತ್ತಿರುವುದರಿಂದ ಭೂಮಿಯ ಫಲವತ್ತತೆ ಕುಸಿಯುತ್ತಿದ್ದು, ಸಾವಯವ ಕೃಷಿ ಪದ್ಧತಿ ಅಳವಡಿಸಿಕೊಳ್ಳಬೇಕು ಎಂದು ಶಾಸಕ ಹೆಚ್.ಆರ್.ಗವಿಯಪ್ಪ ಸಲಹೆ ನೀಡಿದರು. ನಗರದ ಎಪಿಎಂಸಿ ಆವರಣದಲ್ಲಿ ಕೃಷಿ ಇಲಾಖೆ ವತಿಯಿಂದ ಹಮ್ಮಿಕೊಂಡಿದ್ದ ಕೃಷಿ ಯಂತ್ರೋಪಕರಣ ವಿತರಣಾ ಕಾರ್ಯಕ್ರಮದಲ್ಲಿ ಮಾತನಾಡಿದ ಅವರು, ಮಣ್ಣಿನ ಆರೋಗ್ಯ ಕಾಪಾಡುವುದು ಪ್ರತಿಯೊಬ್ಬ ರೈತನ ಕರ್ತವ್ಯ. ಮಣ್ಣು ಪರೀಕ್ಷೆ ಮಾಡಿಸಿ ಅಗತ್ಯಕ್ಕೆ ತಕ್ಕಷ್ಟು ಗೊಬ್ಬರ ಬಳಸಬೇಕು. ಸರ್ಕಾರದ ಯೋಜನೆಗಳ ಸದುಪಯೋಗ ಪಡೆದುಕೊಳ್ಳಬೇಕು. ಕೃಷಿ ಇಲಾಖೆಯಿಂದ ರಿಯಾಯಿತಿ ದರದಲ್ಲಿ ಬೀಜ, ಗೊಬ್ಬರ, ಯಂತ್ರೋಪಕರಣ ವಿತರಿಸಲಾಗುತ್ತಿದೆ ಎಂದರು. ನಂತರ ಫಲಾನುಭವಿ ರೈತರಿಗೆ ಟ್ರ್ಯಾಕ್ಟರ್, ರೋಟವೇಟರ್, ಸ್ಪ್ರೇಯರ್ ವಿತರಿಸಲಾಯಿತು. ಸಹಾಯಕ ಕೃಷಿ ನಿರ್ದೇಶಕರು, ಕೃಷಿ ಅಧಿಕಾರಿಗಳು ಹಾಗೂ ರೈತ ಮುಖಂಡರು ಉಪಸ್ಥಿತರಿದ್ದರು. ಮುಂಗಾರು ಹಂಗಾಮಿಗೆ ಅಗತ್ಯ ಬಿತ್ತನೆ ಬೀಜ ಹಾಗೂ ರಸಗೊಬ್ಬರ ದಾಸ್ತಾನು ಇದ್ದು ರೈತರು ಆತಂಕ ಪಡುವ ಅಗತ್ಯವಿಲ್ಲ ಎಂದು ಅಧಿಕಾರಿಗಳು ತಿಳಿಸಿದರು.
ರೈತರು ರಾಸಾಯನಿಕ ರಸಗೊಬ್ಬರ ಬಳಕೆ ಹೆಚ್ಚು ಮಾಡುತ್ತಿರುವುದರಿಂದ ಭೂಮಿಯ ಫಲವತ್ತತೆ ಕುಸಿಯುತ್ತಿದ್ದು, ಸಾವಯವ ಕೃಷಿ ಪದ್ಧತಿ ಅಳವಡಿಸಿಕೊಳ್ಳಬೇಕು ಎಂದು ಶಾಸಕ ಹೆಚ್.ಆರ್.ಗವಿಯಪ್ಪ ಸಲಹೆ ನೀಡಿದರು. ನಗರದ ಎಪಿಎಂಸಿ ಆವರಣದಲ್ಲಿ ಕೃಷಿ ಇಲಾಖೆ ವತಿಯಿಂದ ಹಮ್ಮಿಕೊಂಡಿದ್ದ ಕೃಷಿ ಯಂತ್ರೋಪಕರಣ ವಿತರಣಾ ಕಾರ್ಯಕ್ರಮದಲ್ಲಿ ಮಾತನಾಡಿದ ಅವರು, ಮಣ್ಣಿನ ಆರೋಗ್ಯ ಕಾಪಾಡುವುದು ಪ್ರತಿಯೊಬ್ಬ ರೈತನ ಕರ್ತವ್ಯ. ಮಣ್ಣು ಪರೀಕ್ಷೆ ಮಾಡಿಸಿ ಅಗತ್ಯಕ್ಕೆ ತಕ್ಕಷ್ಟು ಗೊಬ್ಬರ ಬಳಸಬೇಕು. ಸರ್ಕಾರದ ಯೋಜನೆಗಳ ಸದುಪಯೋಗ ಪಡೆದುಕೊಳ್ಳಬೇಕು. ಕೃಷಿ ಇಲಾಖೆಯಿಂದ ರಿಯಾಯಿತಿ ದರದಲ್ಲಿ ಬೀಜ, ಗೊಬ್ಬರ, ಯಂತ್ರೋಪಕರಣ ವಿತರಿಸಲಾಗುತ್ತಿದೆ ಎಂದರು. ನಂತರ ಫಲಾನುಭವಿ ರೈತರಿಗೆ ಟ್ರ್ಯಾಕ್ಟರ್, ರೋಟವೇಟರ್, ಸ್ಪ್ರೇಯರ್ ವಿತರಿಸಲಾಯಿತು. ಸಹಾಯಕ ಕೃಷಿ ನಿರ್ದೇಶಕರು, ಕೃಷಿ ಅಧಿಕಾರಿಗಳು ಹಾಗೂ ರೈತ ಮುಖಂಡರು ಉಪಸ್ಥಿತರಿದ್ದರು. ಮುಂಗಾರು ಹಂಗಾಮಿಗೆ ಅಗತ್ಯ ಬಿತ್ತನೆ ಬೀಜ ಹಾಗೂ ರಸಗೊಬ್ಬರ ದಾಸ್ತಾನು ಇದ್ದು ರೈತರು ಆತಂಕ ಪಡುವ ಅಗತ್ಯವಿಲ್ಲ ಎಂದು ಅಧಿಕಾರಿಗಳು ತಿಳಿಸಿದರು.
ಸರಣಿ ಮನೆ ಕಳವು : ಅಮೀರ್ ಹವಾಲ್ದಾರ್ ಮನೆಗೆ ಕನ್ನ ಹಾಕಿ ನಗನಾಣ್ಯ ಕಳ್ಳತನ
■ ಸುದ್ದಿಮೂಲ ವಾರ್ತೆ ಬೀದರ, ಮೇ.07:
ನಗರದ ಬೇರೆ ಬೇರೆ ಪ್ರದೇಶದ ಬಡಾವಣೆಗಳಲ್ಲಿ ಬೀಗ ಹಾಕಿದ ಮನೆಗಳನ್ನು ಗುರಿಯಾಗಿಸಿ ಕಳ್ಳರು ಕೈಚಳಕ ತೋರಿದ್ದು, ನಿವೃತ್ತ ಸೇನಾ ಯೋಧ ಅಮೀರ್ ಹವಾಲ್ದಾರ್ ಅವರ ಮನೆಯ ಬಾಗಿಲು ಮುರಿದು 4 ಲಕ್ಷ ರೂ. ನಗದು, 14.48 ಲಕ್ಷ ರೂ. ಮೌಲ್ಯದ ಚಿನ್ನಾಭರಣ ಕಳವು ಮಾಡಿದ್ದಾರೆ. ಕುಟುಂಬ ಸಮೇತ ಸಂಬಂಧಿಕರ ಮದುವೆಗೆ ತೆರಳಿದ್ದ ವೇಳೆ ಕೃತ್ಯ ನಡೆದಿದೆ. ಮತ್ತೊಂದು ಮನೆಯಲ್ಲಿ 2.45 ಲಕ್ಷ ರೂ. ಮೌಲ್ಯದ ವಸ್ತುಗಳನ್ನು ಕದ್ದೊಯ್ದಿದ್ದಾರೆ. ಒಟ್ಟು ಒಂದೇ ದಿನ 16.93 ಲಕ್ಷ ರೂ. ನಗನಾಣ್ಯ ದೋಚಲಾಗಿದೆ. ಘಟನಾ ಸ್ಥಳಕ್ಕೆ ಪೊಲೀಸ್ ಅಧಿಕಾರಿಗಳು, ಶ್ವಾನದಳ ಹಾಗೂ ಬೆರಳಚ್ಚು ತಜ್ಞರು ಭೇಟಿ ನೀಡಿ ಪರಿಶೀಲನೆ ನಡೆಸಿದರು. ಗಾಂಧಿಗಂಜ್ ಪೊಲೀಸ್ ಠಾಣೆಯಲ್ಲಿ ಪ್ರಕರಣ ದಾಖಲಾಗಿದ್ದು, ತನಿಖೆ ಮುಂದುವರಿದಿದೆ.
ನಗರದ ಬೇರೆ ಬೇರೆ ಪ್ರದೇಶದ ಬಡಾವಣೆಗಳಲ್ಲಿ ಬೀಗ ಹಾಕಿದ ಮನೆಗಳನ್ನು ಗುರಿಯಾಗಿಸಿ ಕಳ್ಳರು ಕೈಚಳಕ ತೋರಿದ್ದು, ನಿವೃತ್ತ ಸೇನಾ ಯೋಧ ಅಮೀರ್ ಹವಾಲ್ದಾರ್ ಅವರ ಮನೆಯ ಬಾಗಿಲು ಮುರಿದು 4 ಲಕ್ಷ ರೂ. ನಗದು, 14.48 ಲಕ್ಷ ರೂ. ಮೌಲ್ಯದ ಚಿನ್ನಾಭರಣ ಕಳವು ಮಾಡಿದ್ದಾರೆ. ಕುಟುಂಬ ಸಮೇತ ಸಂಬಂಧಿಕರ ಮದುವೆಗೆ ತೆರಳಿದ್ದ ವೇಳೆ ಕೃತ್ಯ ನಡೆದಿದೆ. ಮತ್ತೊಂದು ಮನೆಯಲ್ಲಿ 2.45 ಲಕ್ಷ ರೂ. ಮೌಲ್ಯದ ವಸ್ತುಗಳನ್ನು ಕದ್ದೊಯ್ದಿದ್ದಾರೆ. ಒಟ್ಟು ಒಂದೇ ದಿನ 16.93 ಲಕ್ಷ ರೂ. ನಗನಾಣ್ಯ ದೋಚಲಾಗಿದೆ. ಘಟನಾ ಸ್ಥಳಕ್ಕೆ ಪೊಲೀಸ್ ಅಧಿಕಾರಿಗಳು, ಶ್ವಾನದಳ ಹಾಗೂ ಬೆರಳಚ್ಚು ತಜ್ಞರು ಭೇಟಿ ನೀಡಿ ಪರಿಶೀಲನೆ ನಡೆಸಿದರು. ಗಾಂಧಿಗಂಜ್ ಪೊಲೀಸ್ ಠಾಣೆಯಲ್ಲಿ ಪ್ರಕರಣ ದಾಖಲಾಗಿದ್ದು, ತನಿಖೆ ಮುಂದುವರಿದಿದೆ.
2	2
